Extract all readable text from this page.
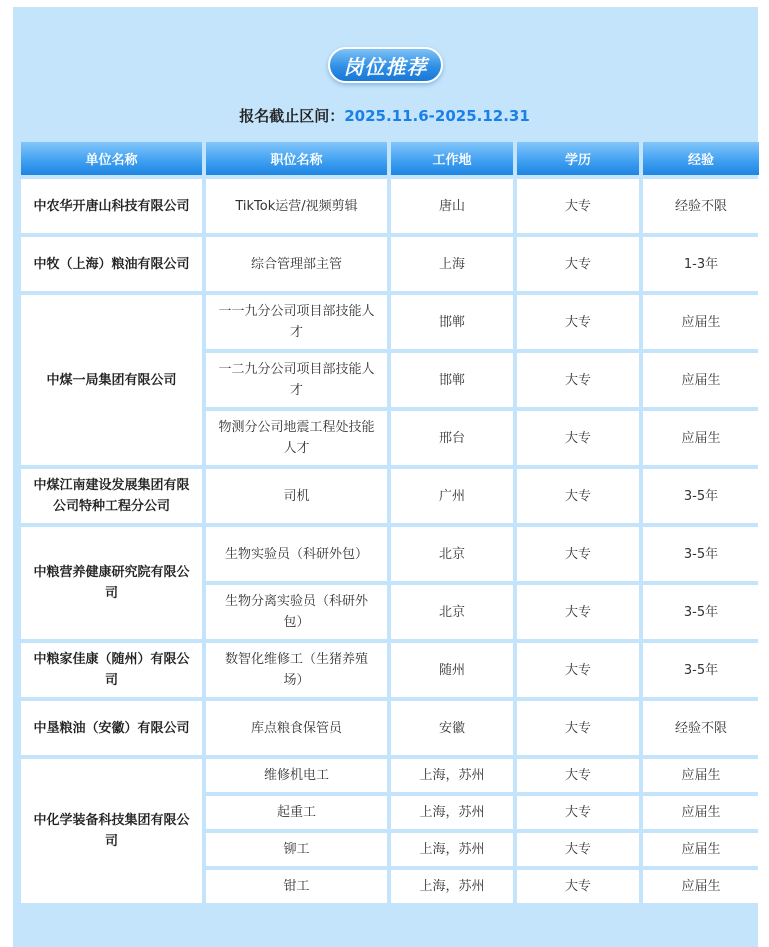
岗位推荐
报名截止区间：2025.11.6-2025.12.31
单位名称	职位名称	工作地	学历	经验
中农华开唐山科技有限公司	TikTok运营/视频剪辑	唐山	大专	经验不限
中牧（上海）粮油有限公司	综合管理部主管	上海	大专	1-3年
中煤一局集团有限公司	一一九分公司项目部技能人才	邯郸	大专	应届生
	一二九分公司项目部技能人才	邯郸	大专	应届生
	物测分公司地震工程处技能人才	邢台	大专	应届生
中煤江南建设发展集团有限公司特种工程分公司	司机	广州	大专	3-5年
中粮营养健康研究院有限公司	生物实验员（科研外包）	北京	大专	3-5年
	生物分离实验员（科研外包）	北京	大专	3-5年
中粮家佳康（随州）有限公司	数智化维修工（生猪养殖场）	随州	大专	3-5年
中垦粮油（安徽）有限公司	库点粮食保管员	安徽	大专	经验不限
中化学装备科技集团有限公司	维修机电工	上海，苏州	大专	应届生
	起重工	上海，苏州	大专	应届生
	铆工	上海，苏州	大专	应届生
	钳工	上海，苏州	大专	应届生
